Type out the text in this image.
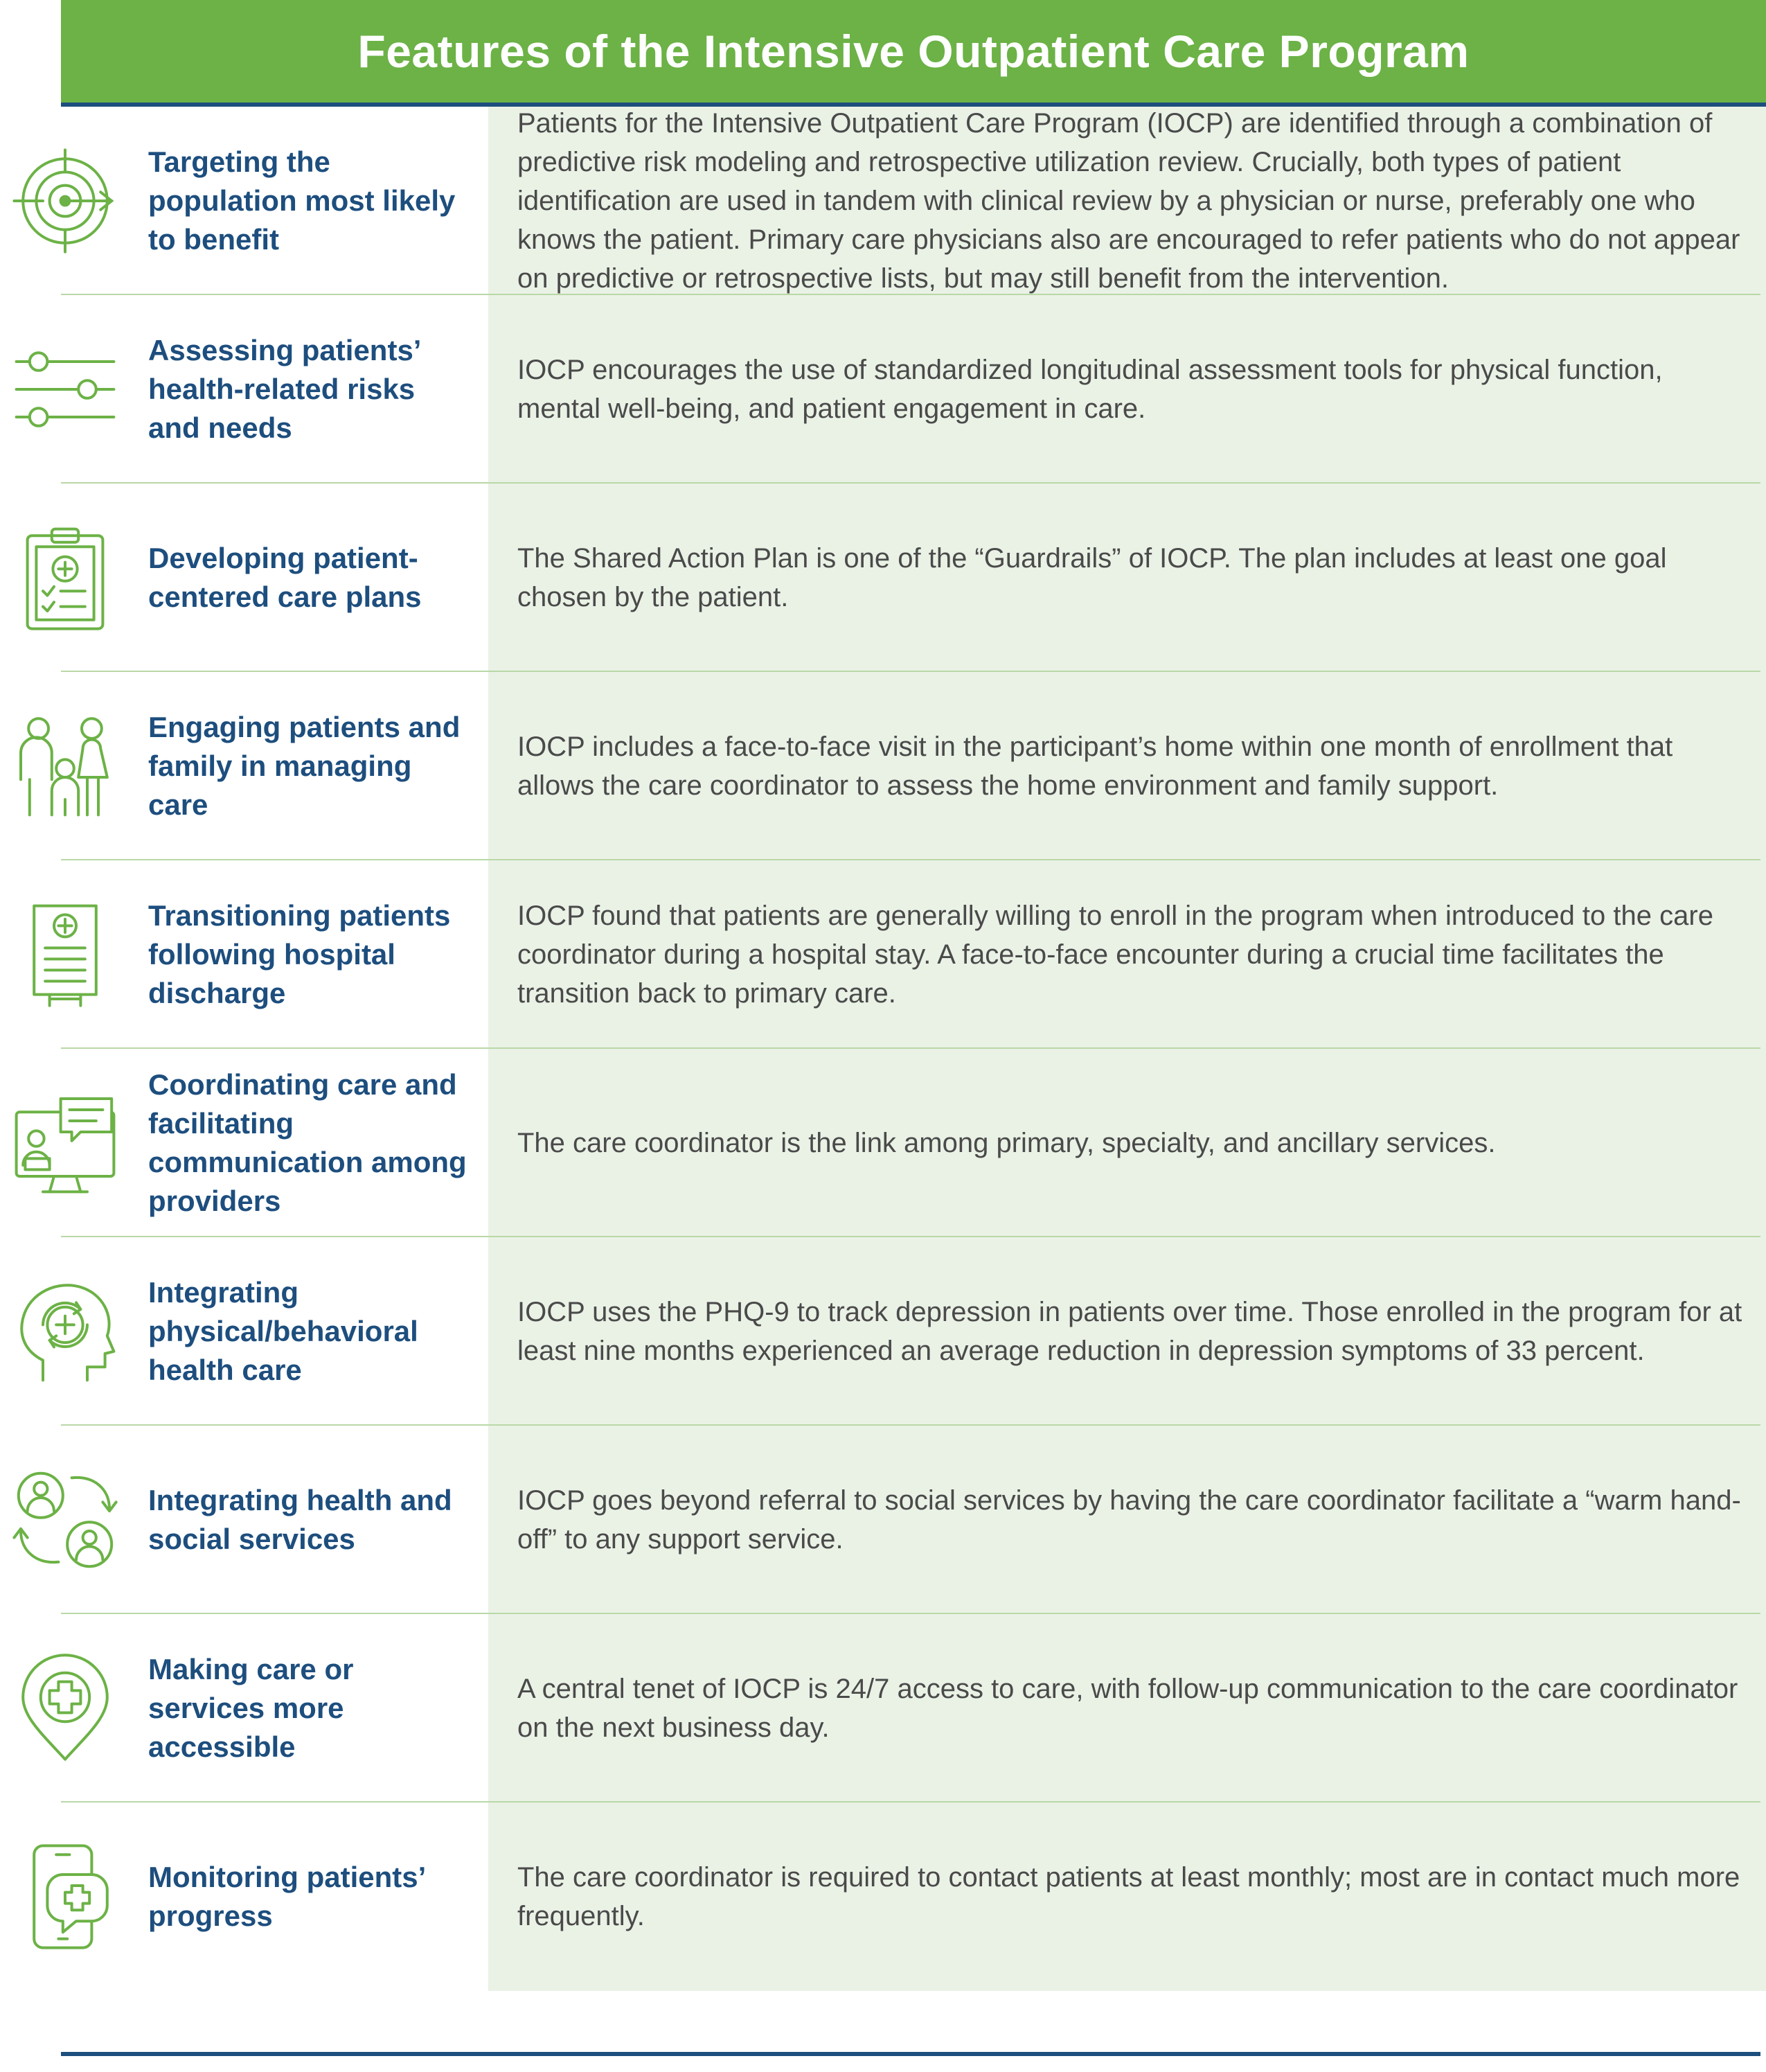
Features of the Intensive Outpatient Care Program
Targeting the population most likely to benefit

Patients for the Intensive Outpatient Care Program (IOCP) are identified through a combination of predictive risk modeling and retrospective utilization review. Crucially, both types of patient identification are used in tandem with clinical review by a physician or nurse, preferably one who knows the patient. Primary care physicians also are encouraged to refer patients who do not appear on predictive or retrospective lists, but may still benefit from the intervention.

Assessing patients’ health-related risks and needs

IOCP encourages the use of standardized longitudinal assessment tools for physical function, mental well-being, and patient engagement in care.

Developing patient-centered care plans

The Shared Action Plan is one of the “Guardrails” of IOCP. The plan includes at least one goal chosen by the patient.

Engaging patients and family in managing care

IOCP includes a face-to-face visit in the participant’s home within one month of enrollment that allows the care coordinator to assess the home environment and family support.

Transitioning patients following hospital discharge

IOCP found that patients are generally willing to enroll in the program when introduced to the care coordinator during a hospital stay. A face-to-face encounter during a crucial time facilitates the transition back to primary care.

Coordinating care and facilitating communication among providers

The care coordinator is the link among primary, specialty, and ancillary services.

Integrating physical/behavioral health care

IOCP uses the PHQ-9 to track depression in patients over time. Those enrolled in the program for at least nine months experienced an average reduction in depression symptoms of 33 percent.

Integrating health and social services

IOCP goes beyond referral to social services by having the care coordinator facilitate a “warm hand-off” to any support service.

Making care or services more accessible

A central tenet of IOCP is 24/7 access to care, with follow-up communication to the care coordinator on the next business day.

Monitoring patients’ progress

The care coordinator is required to contact patients at least monthly; most are in contact much more frequently.
